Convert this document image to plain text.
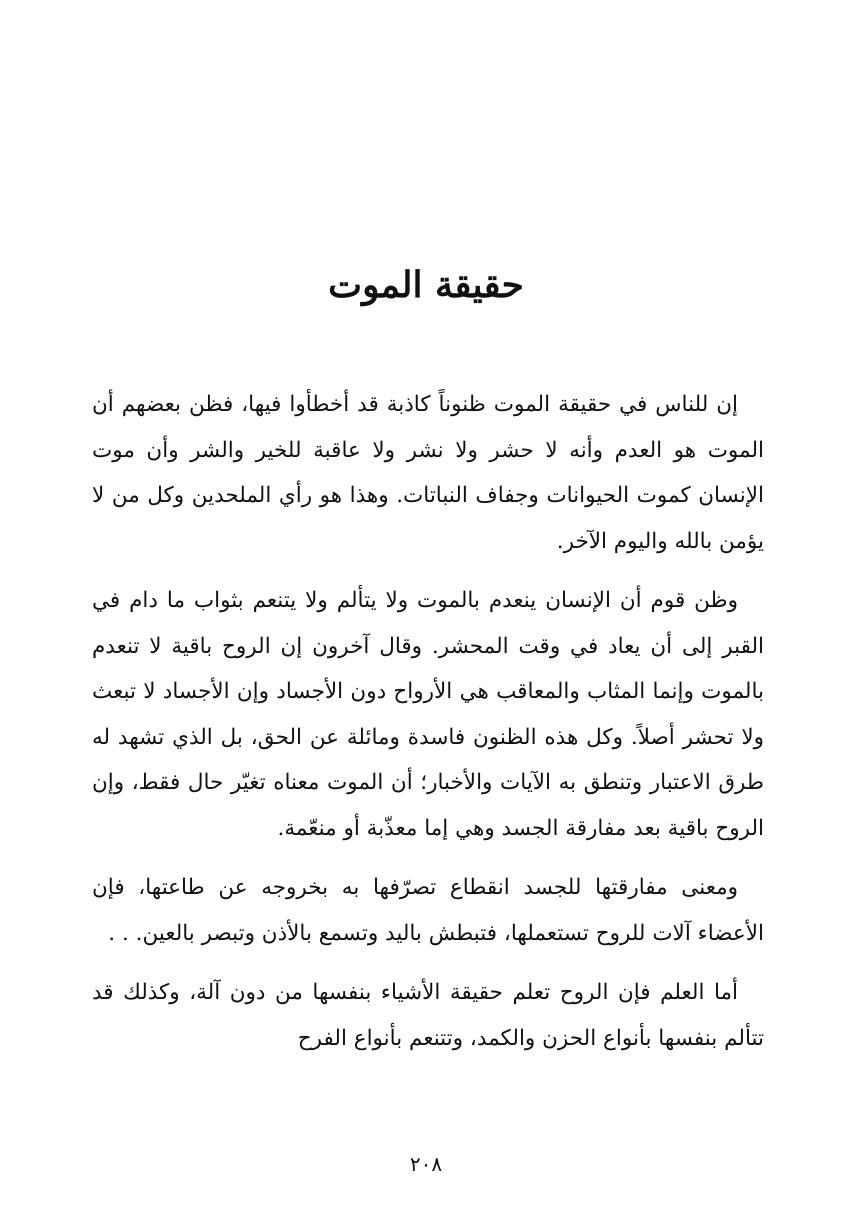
حقيقة الموت

إن للناس في حقيقة الموت ظنوناً كاذبة قد أخطأوا فيها، فظن بعضهم أن الموت هو العدم وأنه لا حشر ولا نشر ولا عاقبة للخير والشر وأن موت الإنسان كموت الحيوانات وجفاف النباتات. وهذا هو رأي الملحدين وكل من لا يؤمن بالله واليوم الآخر.

وظن قوم أن الإنسان ينعدم بالموت ولا يتألم ولا يتنعم بثواب ما دام في القبر إلى أن يعاد في وقت المحشر. وقال آخرون إن الروح باقية لا تنعدم بالموت وإنما المثاب والمعاقب هي الأرواح دون الأجساد وإن الأجساد لا تبعث ولا تحشر أصلاً. وكل هذه الظنون فاسدة ومائلة عن الحق، بل الذي تشهد له طرق الاعتبار وتنطق به الآيات والأخبار؛ أن الموت معناه تغيّر حال فقط، وإن الروح باقية بعد مفارقة الجسد وهي إما معذّبة أو منعّمة.

ومعنى مفارقتها للجسد انقطاع تصرّفها به بخروجه عن طاعتها، فإن الأعضاء آلات للروح تستعملها، فتبطش باليد وتسمع بالأذن وتبصر بالعين. . .

أما العلم فإن الروح تعلم حقيقة الأشياء بنفسها من دون آلة، وكذلك قد تتألم بنفسها بأنواع الحزن والكمد، وتتنعم بأنواع الفرح

٢٠٨
